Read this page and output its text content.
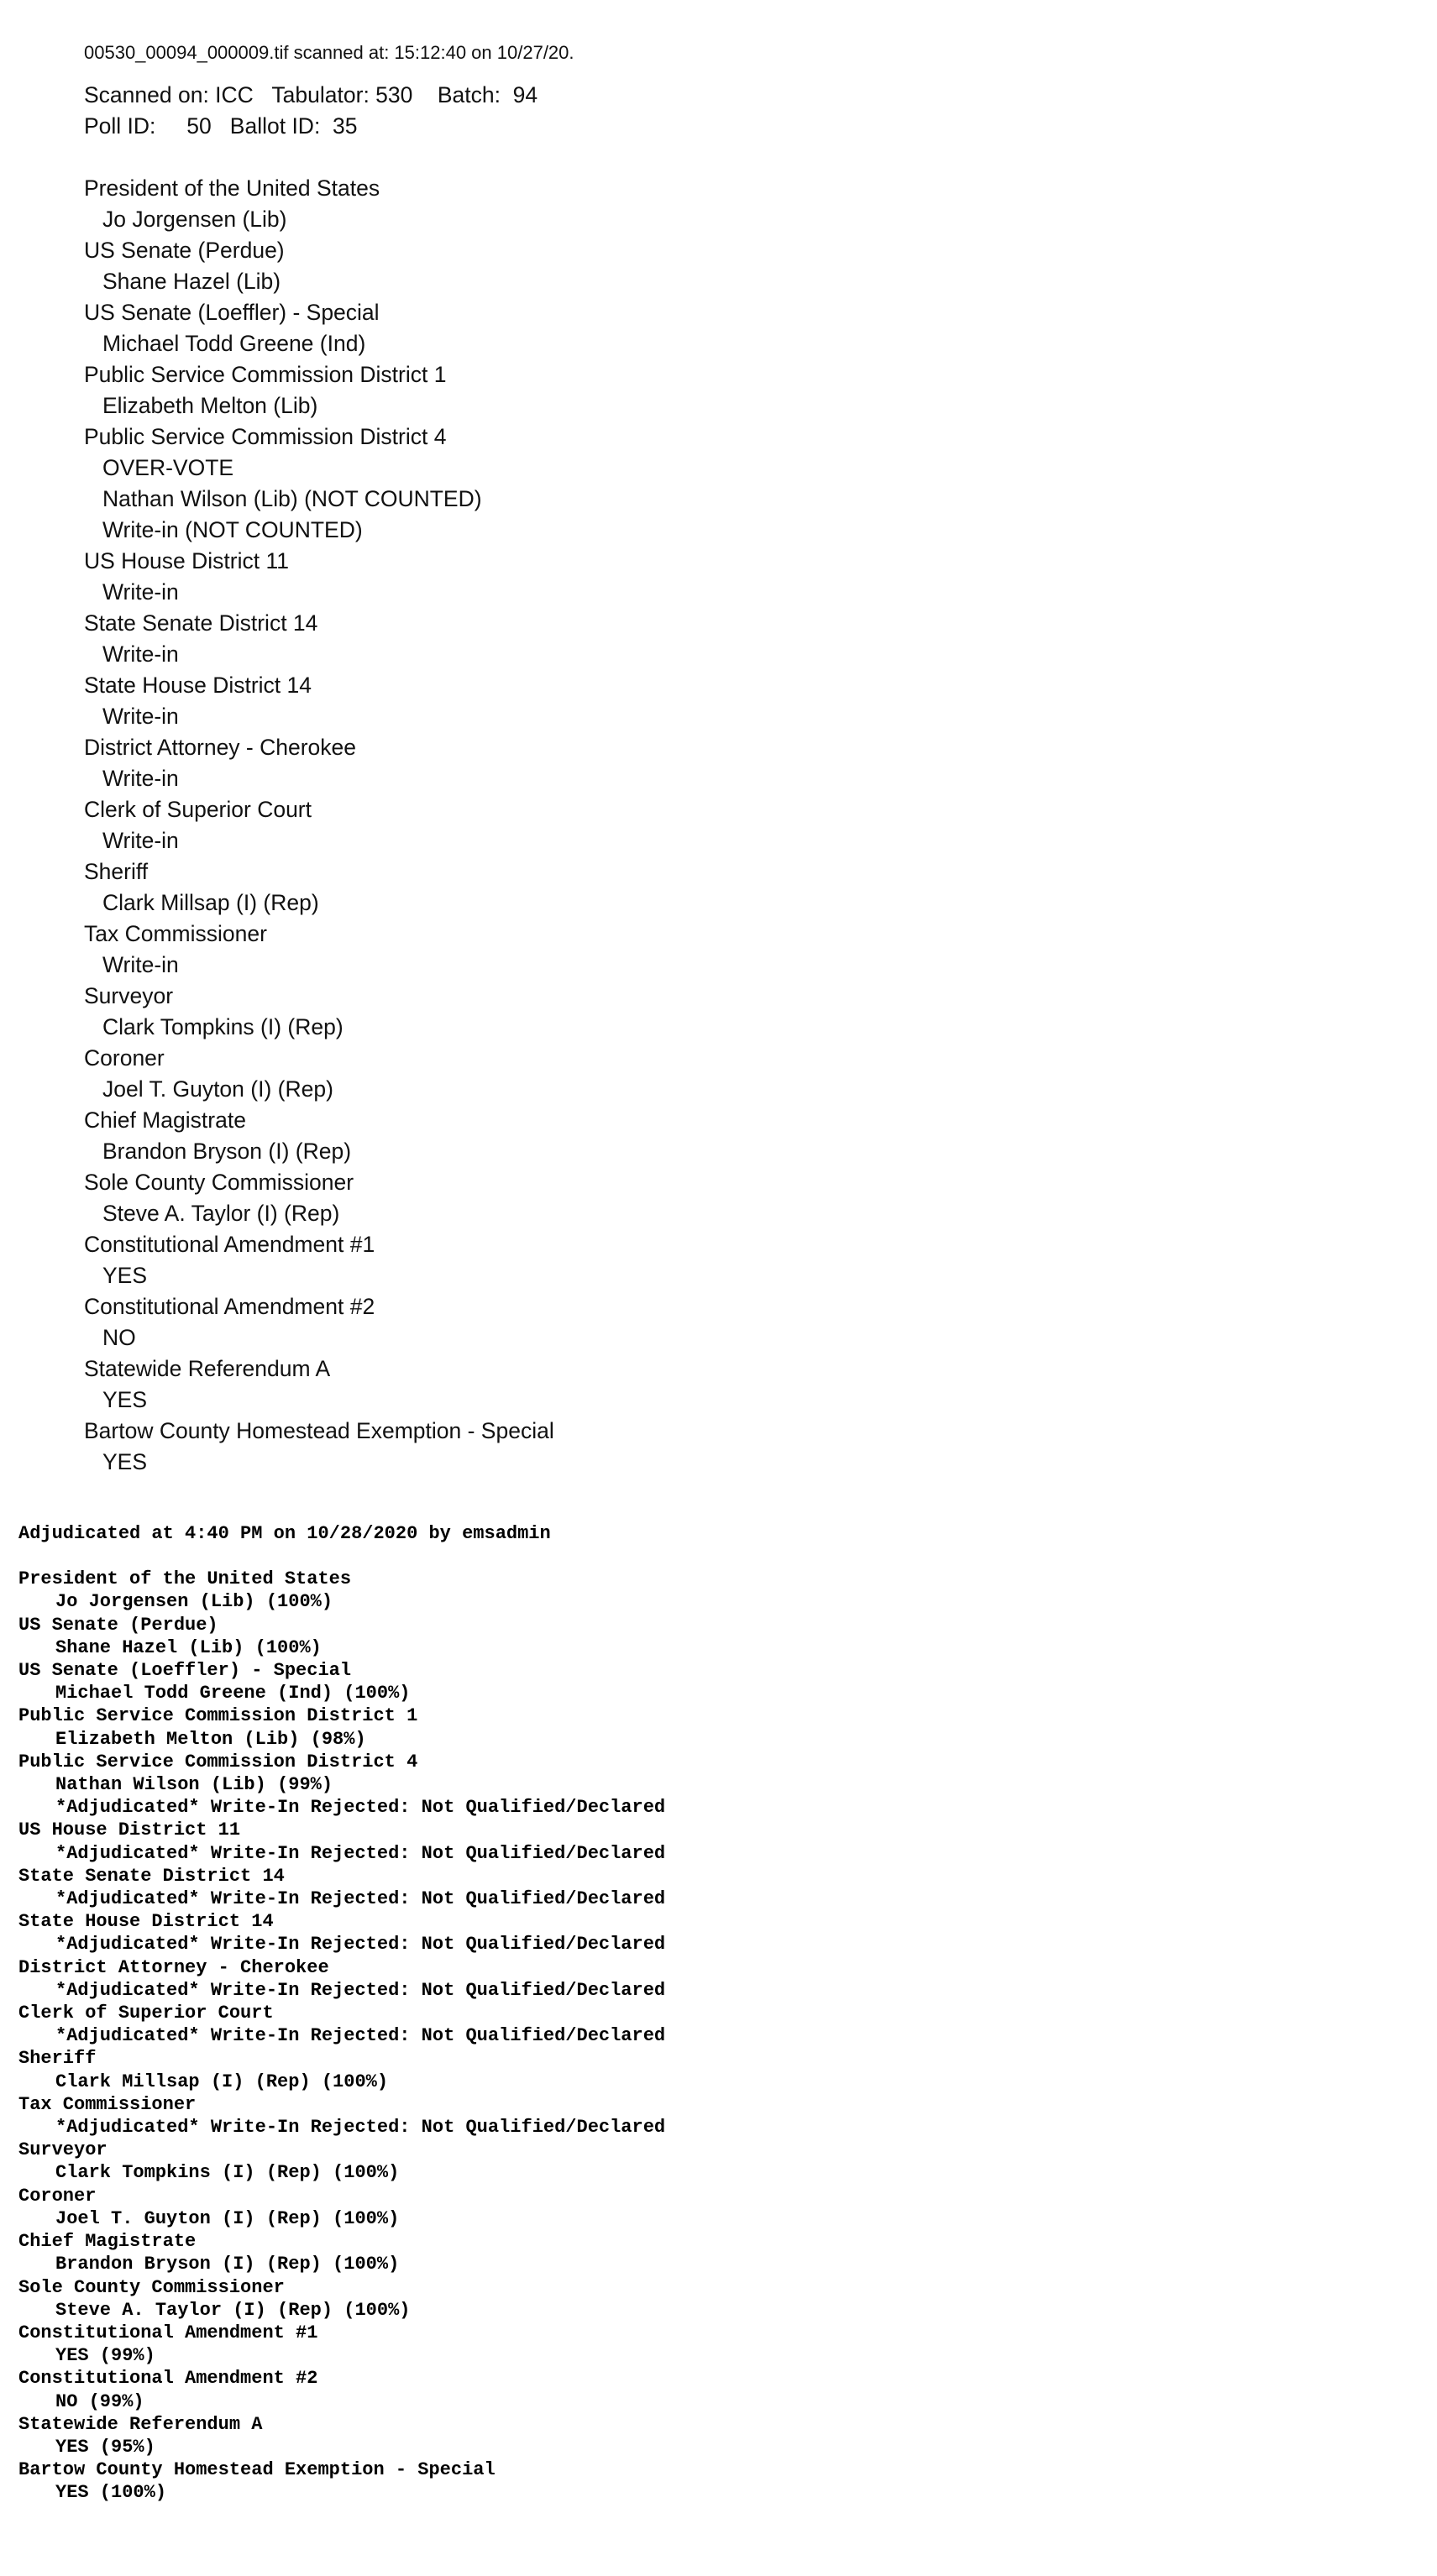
00530_00094_000009.tif scanned at: 15:12:40 on 10/27/20.
Scanned on: ICC   Tabulator: 530    Batch:  94
Poll ID:     50   Ballot ID:  35
President of the United States
Jo Jorgensen (Lib)
US Senate (Perdue)
Shane Hazel (Lib)
US Senate (Loeffler) - Special
Michael Todd Greene (Ind)
Public Service Commission District 1
Elizabeth Melton (Lib)
Public Service Commission District 4
OVER-VOTE
Nathan Wilson (Lib) (NOT COUNTED)
Write-in (NOT COUNTED)
US House District 11
Write-in
State Senate District 14
Write-in
State House District 14
Write-in
District Attorney - Cherokee
Write-in
Clerk of Superior Court
Write-in
Sheriff
Clark Millsap (I) (Rep)
Tax Commissioner
Write-in
Surveyor
Clark Tompkins (I) (Rep)
Coroner
Joel T. Guyton (I) (Rep)
Chief Magistrate
Brandon Bryson (I) (Rep)
Sole County Commissioner
Steve A. Taylor (I) (Rep)
Constitutional Amendment #1
YES
Constitutional Amendment #2
NO
Statewide Referendum A
YES
Bartow County Homestead Exemption - Special
YES
Adjudicated at 4:40 PM on 10/28/2020 by emsadmin
President of the United States
Jo Jorgensen (Lib) (100%)
US Senate (Perdue)
Shane Hazel (Lib) (100%)
US Senate (Loeffler) - Special
Michael Todd Greene (Ind) (100%)
Public Service Commission District 1
Elizabeth Melton (Lib) (98%)
Public Service Commission District 4
Nathan Wilson (Lib) (99%)
*Adjudicated* Write-In Rejected: Not Qualified/Declared
US House District 11
*Adjudicated* Write-In Rejected: Not Qualified/Declared
State Senate District 14
*Adjudicated* Write-In Rejected: Not Qualified/Declared
State House District 14
*Adjudicated* Write-In Rejected: Not Qualified/Declared
District Attorney - Cherokee
*Adjudicated* Write-In Rejected: Not Qualified/Declared
Clerk of Superior Court
*Adjudicated* Write-In Rejected: Not Qualified/Declared
Sheriff
Clark Millsap (I) (Rep) (100%)
Tax Commissioner
*Adjudicated* Write-In Rejected: Not Qualified/Declared
Surveyor
Clark Tompkins (I) (Rep) (100%)
Coroner
Joel T. Guyton (I) (Rep) (100%)
Chief Magistrate
Brandon Bryson (I) (Rep) (100%)
Sole County Commissioner
Steve A. Taylor (I) (Rep) (100%)
Constitutional Amendment #1
YES (99%)
Constitutional Amendment #2
NO (99%)
Statewide Referendum A
YES (95%)
Bartow County Homestead Exemption - Special
YES (100%)
